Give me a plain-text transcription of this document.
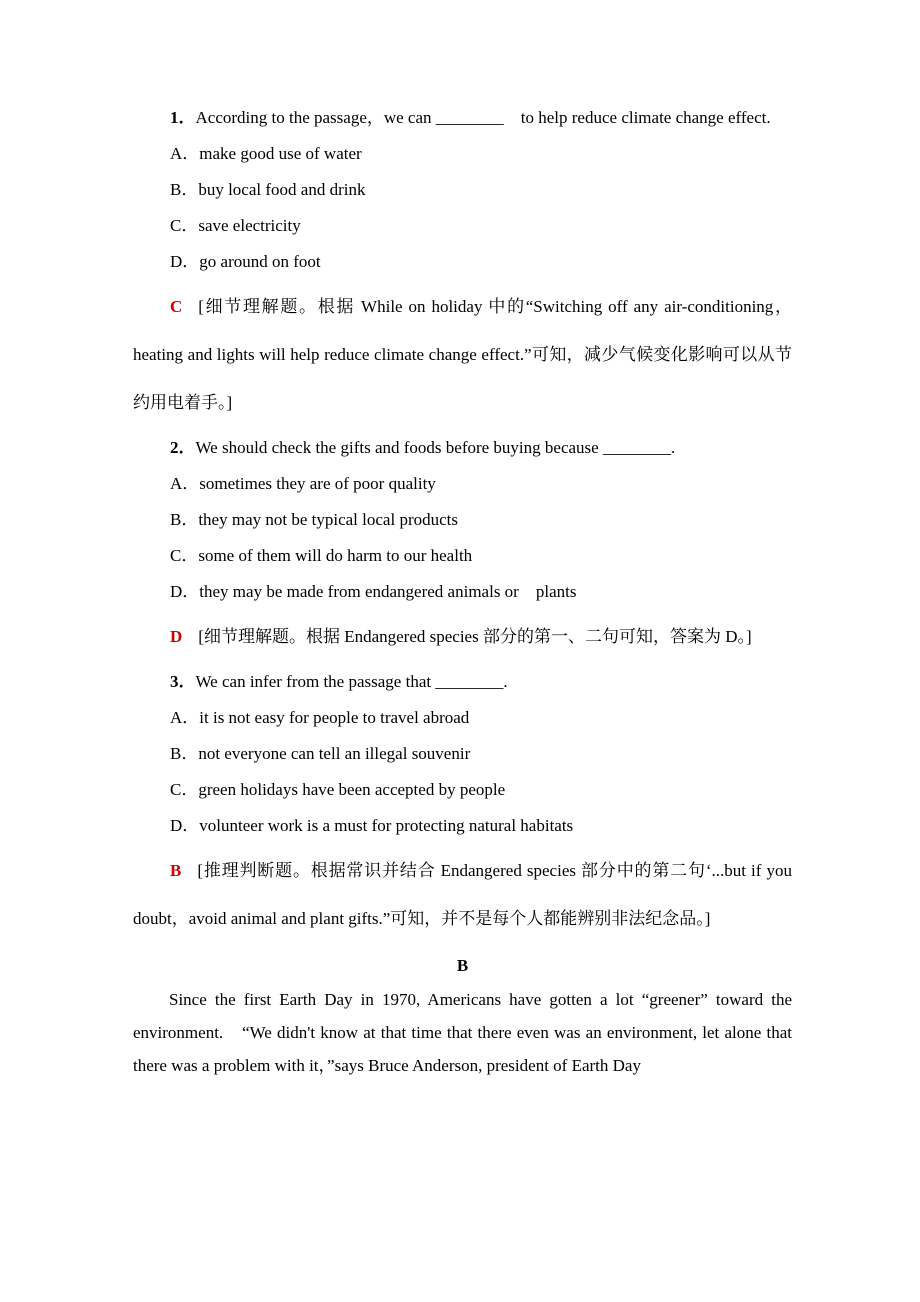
1．According to the passage，we can ________　to help reduce climate change effect.

A．make good use of water

B．buy local food and drink

C．save electricity

D．go around on foot

C [细节理解题。根据 While on holiday 中的“Switching off any air-conditioning，heating and lights will help reduce climate change effect.”可知，减少气候变化影响可以从节约用电着手。]

2．We should check the gifts and foods before buying because ________.

A．sometimes they are of poor quality

B．they may not be typical local products

C．some of them will do harm to our health

D．they may be made from endangered animals or　plants

D [细节理解题。根据 Endangered species 部分的第一、二句可知，答案为 D。]

3．We can infer from the passage that ________.

A．it is not easy for people to travel abroad

B．not everyone can tell an illegal souvenir

C．green holidays have been accepted by people

D．volunteer work is a must for protecting natural habitats

B [推理判断题。根据常识并结合 Endangered species 部分中的第二句‘...but if you doubt，avoid animal and plant gifts.”可知，并不是每个人都能辨别非法纪念品。]

B

Since the first Earth Day in 1970, Americans have gotten a lot “greener” toward the environment.　“We didn't know at that time that there even was an environment, let alone that there was a problem with it，”says Bruce Anderson, president of Earth Day
